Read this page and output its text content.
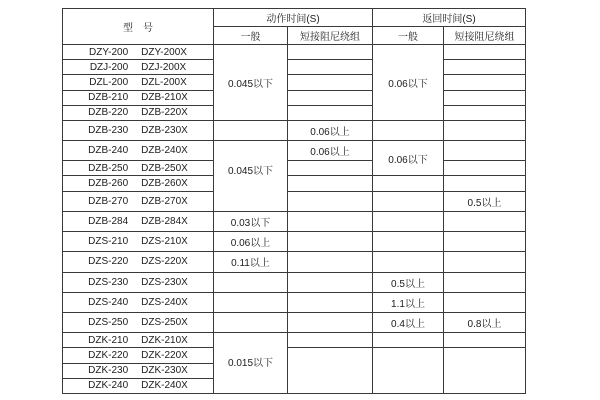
型　号	动作时间(S)		返回时间(S)	
	一般	短接阻尼绕组	一般	短接阻尼绕组

DZY-200 DZY-200X	0.045以下		0.06以下	

DZJ-200 DZJ-200X				

DZL-200 DZL-200X				

DZB-210 DZB-210X				

DZB-220 DZB-220X				

DZB-230 DZB-230X		0.06以上		

DZB-240 DZB-240X	0.045以下	0.06以上	0.06以下	

DZB-250 DZB-250X				

DZB-260 DZB-260X				

DZB-270 DZB-270X				0.5以上

DZB-284 DZB-284X	0.03以下			

DZS-210 DZS-210X	0.06以上			

DZS-220 DZS-220X	0.11以上			

DZS-230 DZS-230X			0.5以上	

DZS-240 DZS-240X			1.1以上	

DZS-250 DZS-250X			0.4以上	0.8以上

DZK-210 DZK-210X	0.015以下			

DZK-220 DZK-220X				

DZK-230 DZK-230X				

DZK-240 DZK-240X				
